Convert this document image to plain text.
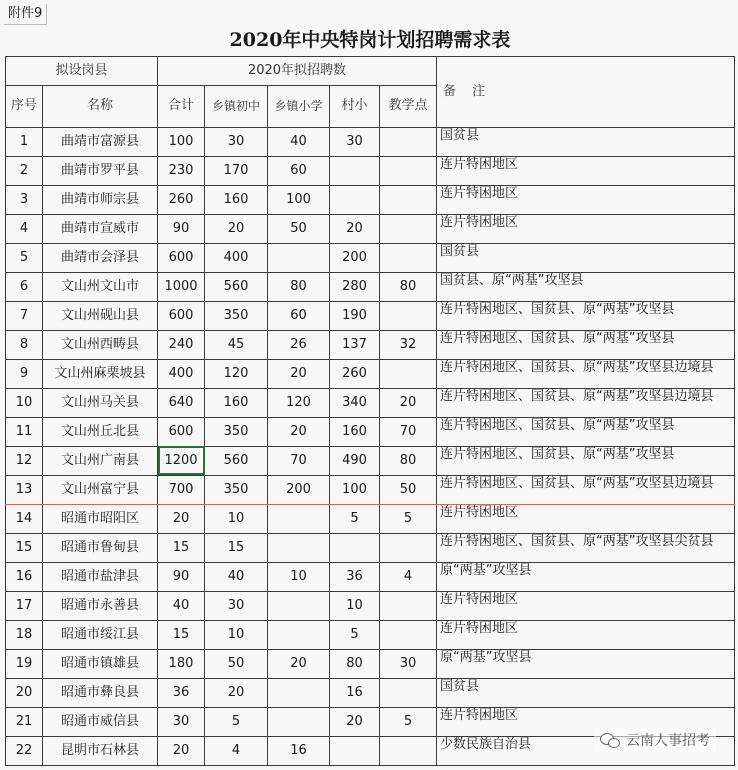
附件9
2020年中央特岗计划招聘需求表							
拟设岗县		2020年拟招聘数					备 注
序号	名称	合计	乡镇初中	乡镇小学	村小	教学点	
1	曲靖市富源县	100	30	40	30		国贫县

2	曲靖市罗平县	230	170	60			连片特困地区

3	曲靖市师宗县	260	160	100			连片特困地区

4	曲靖市宣威市	90	20	50	20		连片特困地区

5	曲靖市会泽县	600	400		200		国贫县

6	文山州文山市	1000	560	80	280	80	国贫县、原“两基”攻坚县

7	文山州砚山县	600	350	60	190		连片特困地区、国贫县、原“两基”攻坚县

8	文山州西畴县	240	45	26	137	32	连片特困地区、国贫县、原“两基”攻坚县

9	文山州麻栗坡县	400	120	20	260		连片特困地区、国贫县、原“两基”攻坚县边境县

10	文山州马关县	640	160	120	340	20	连片特困地区、国贫县、原“两基”攻坚县边境县

11	文山州丘北县	600	350	20	160	70	连片特困地区、国贫县、原“两基”攻坚县

12	文山州广南县	1200	560	70	490	80	连片特困地区、国贫县、原“两基”攻坚县

13	文山州富宁县	700	350	200	100	50	连片特困地区、国贫县、原“两基”攻坚县边境县

14	昭通市昭阳区	20	10		5	5	连片特困地区

15	昭通市鲁甸县	15	15				连片特困地区、国贫县、原“两基”攻坚县尖贫县

16	昭通市盐津县	90	40	10	36	4	原“两基”攻坚县

17	昭通市永善县	40	30		10		连片特困地区

18	昭通市绥江县	15	10		5		连片特困地区

19	昭通市镇雄县	180	50	20	80	30	原“两基”攻坚县

20	昭通市彝良县	36	20		16		国贫县

21	昭通市威信县	30	5		20	5	连片特困地区

22	昆明市石林县	20	4	16			少数民族自治县	云南人事招考
